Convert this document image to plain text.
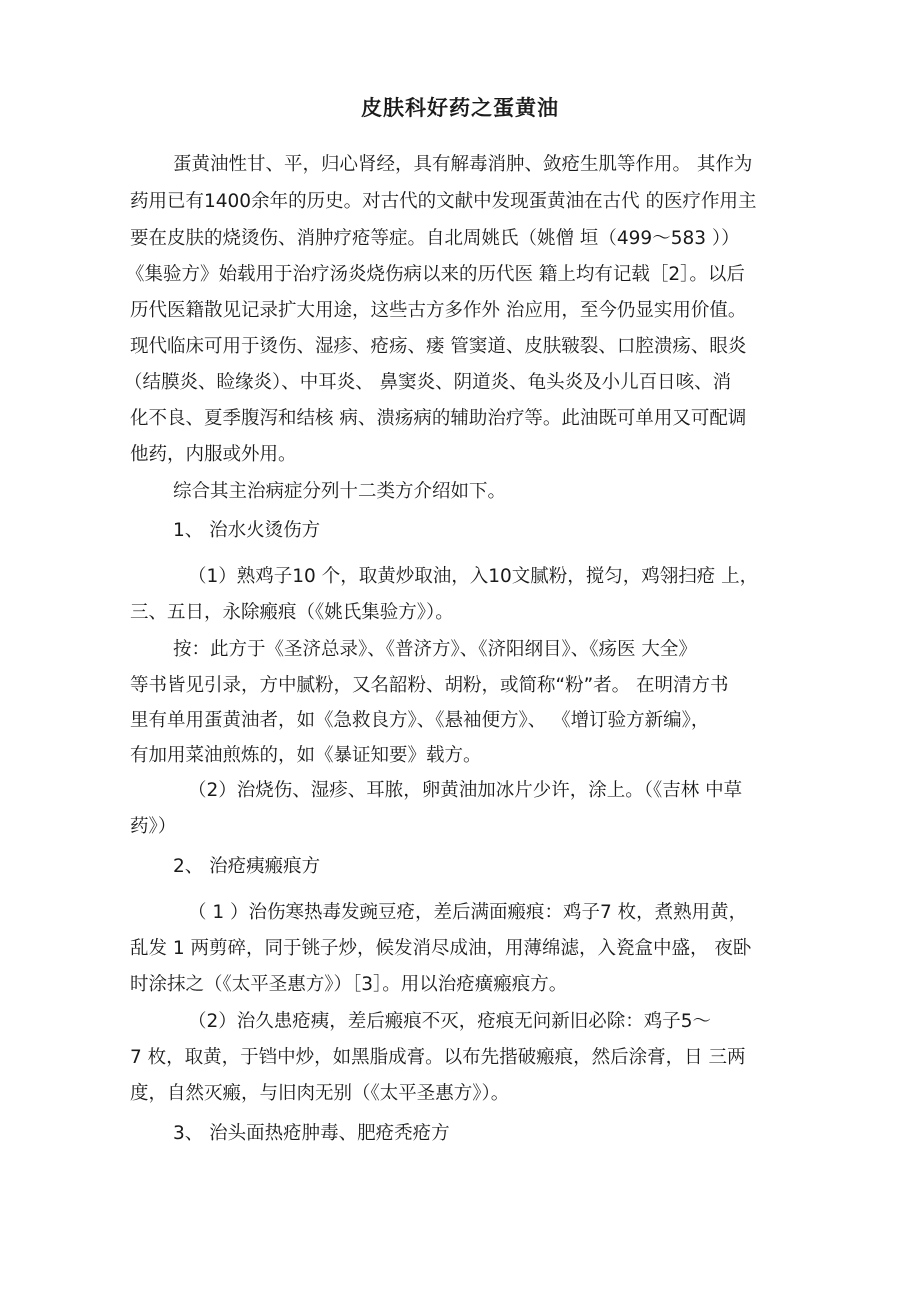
皮肤科好药之蛋黄油
蛋黄油性甘、平，归心肾经，具有解毒消肿、敛疮生肌等作用。 其作为
药用已有1400余年的历史。对古代的文献中发现蛋黄油在古代 的医疗作用主
要在皮肤的烧烫伤、消肿疗疮等症。自北周姚氏（姚僧 垣（499～583 ））
《集验方》始载用于治疗汤炎烧伤病以来的历代医 籍上均有记载［2］。以后
历代医籍散见记录扩大用途，这些古方多作外 治应用，至今仍显实用价值。
现代临床可用于烫伤、湿疹、疮疡、瘘 管窦道、皮肤皲裂、口腔溃疡、眼炎
（结膜炎、睑缘炎）、中耳炎、 鼻窦炎、阴道炎、龟头炎及小儿百日咳、消
化不良、夏季腹泻和结核 病、溃疡病的辅助治疗等。此油既可单用又可配调
他药，内服或外用。
综合其主治病症分列十二类方介绍如下。
1、 治水火烫伤方
（1）熟鸡子10 个，取黄炒取油，入10文腻粉，搅匀，鸡翎扫疮 上，
三、五日，永除瘢痕（《姚氏集验方》）。
按：此方于《圣济总录》、《普济方》、《济阳纲目》、《疡医 大全》
等书皆见引录，方中腻粉，又名韶粉、胡粉，或简称“粉”者。 在明清方书
里有单用蛋黄油者，如《急救良方》、《悬袖便方》、 《增订验方新编》，
有加用菜油煎炼的，如《暴证知要》载方。
（2）治烧伤、湿疹、耳脓，卵黄油加冰片少许，涂上。（《吉林 中草
药》）
2、 治疮痍瘢痕方
（ 1 ）治伤寒热毒发豌豆疮，差后满面瘢痕：鸡子7 枚，煮熟用黄，
乱发 1 两剪碎，同于铫子炒，候发消尽成油，用薄绵滤，入瓷盒中盛， 夜卧
时涂抹之（《太平圣惠方》）［3］。用以治疮癀瘢痕方。
（2）治久患疮痍，差后瘢痕不灭，疮痕无问新旧必除：鸡子5～
7 枚，取黄，于铛中炒，如黑脂成膏。以布先揩破瘢痕，然后涂膏，日 三两
度，自然灭瘢，与旧肉无别（《太平圣惠方》）。
3、 治头面热疮肿毒、肥疮秃疮方
